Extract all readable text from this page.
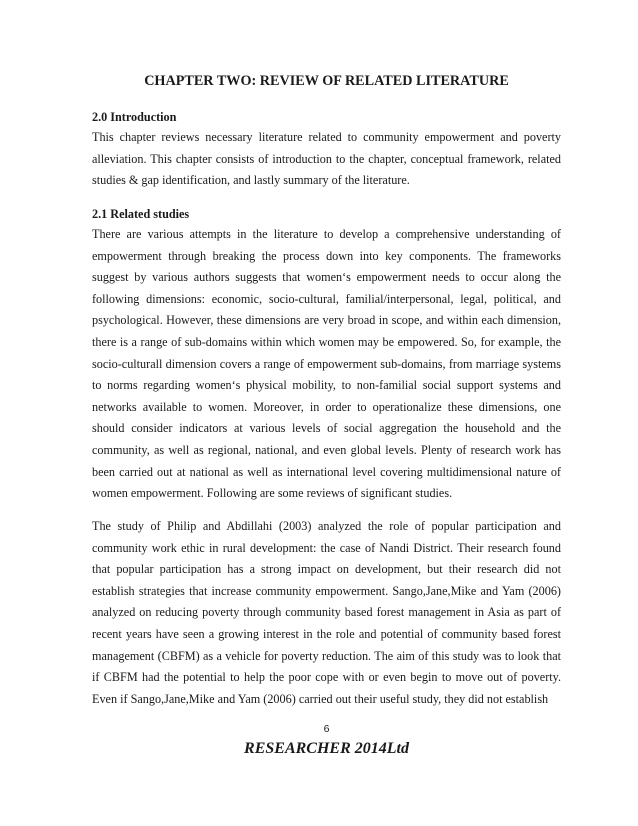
CHAPTER TWO: REVIEW OF RELATED LITERATURE
2.0 Introduction

This chapter reviews necessary literature related to community empowerment and poverty alleviation. This chapter consists of introduction to the chapter, conceptual framework, related studies & gap identification, and lastly summary of the literature.

2.1 Related studies

There are various attempts in the literature to develop a comprehensive understanding of empowerment through breaking the process down into key components. The frameworks suggest by various authors suggests that women‘s empowerment needs to occur along the following dimensions: economic, socio-cultural, familial/interpersonal, legal, political, and psychological. However, these dimensions are very broad in scope, and within each dimension, there is a range of sub-domains within which women may be empowered. So, for example, the socio-culturall dimension covers a range of empowerment sub-domains, from marriage systems to norms regarding women‘s physical mobility, to non-familial social support systems and networks available to women. Moreover, in order to operationalize these dimensions, one should consider indicators at various levels of social aggregation the household and the community, as well as regional, national, and even global levels. Plenty of research work has been carried out at national as well as international level covering multidimensional nature of women empowerment. Following are some reviews of significant studies.

The study of Philip and Abdillahi (2003) analyzed the role of popular participation and community work ethic in rural development: the case of Nandi District. Their research found that popular participation has a strong impact on development, but their research did not establish strategies that increase community empowerment. Sango,Jane,Mike and Yam (2006) analyzed on reducing poverty through community based forest management in Asia as part of recent years have seen a growing interest in the role and potential of community based forest management (CBFM) as a vehicle for poverty reduction. The aim of this study was to look that if CBFM had the potential to help the poor cope with or even begin to move out of poverty. Even if Sango,Jane,Mike and Yam (2006) carried out their useful study, they did not establish

6
RESEARCHER 2014Ltd
